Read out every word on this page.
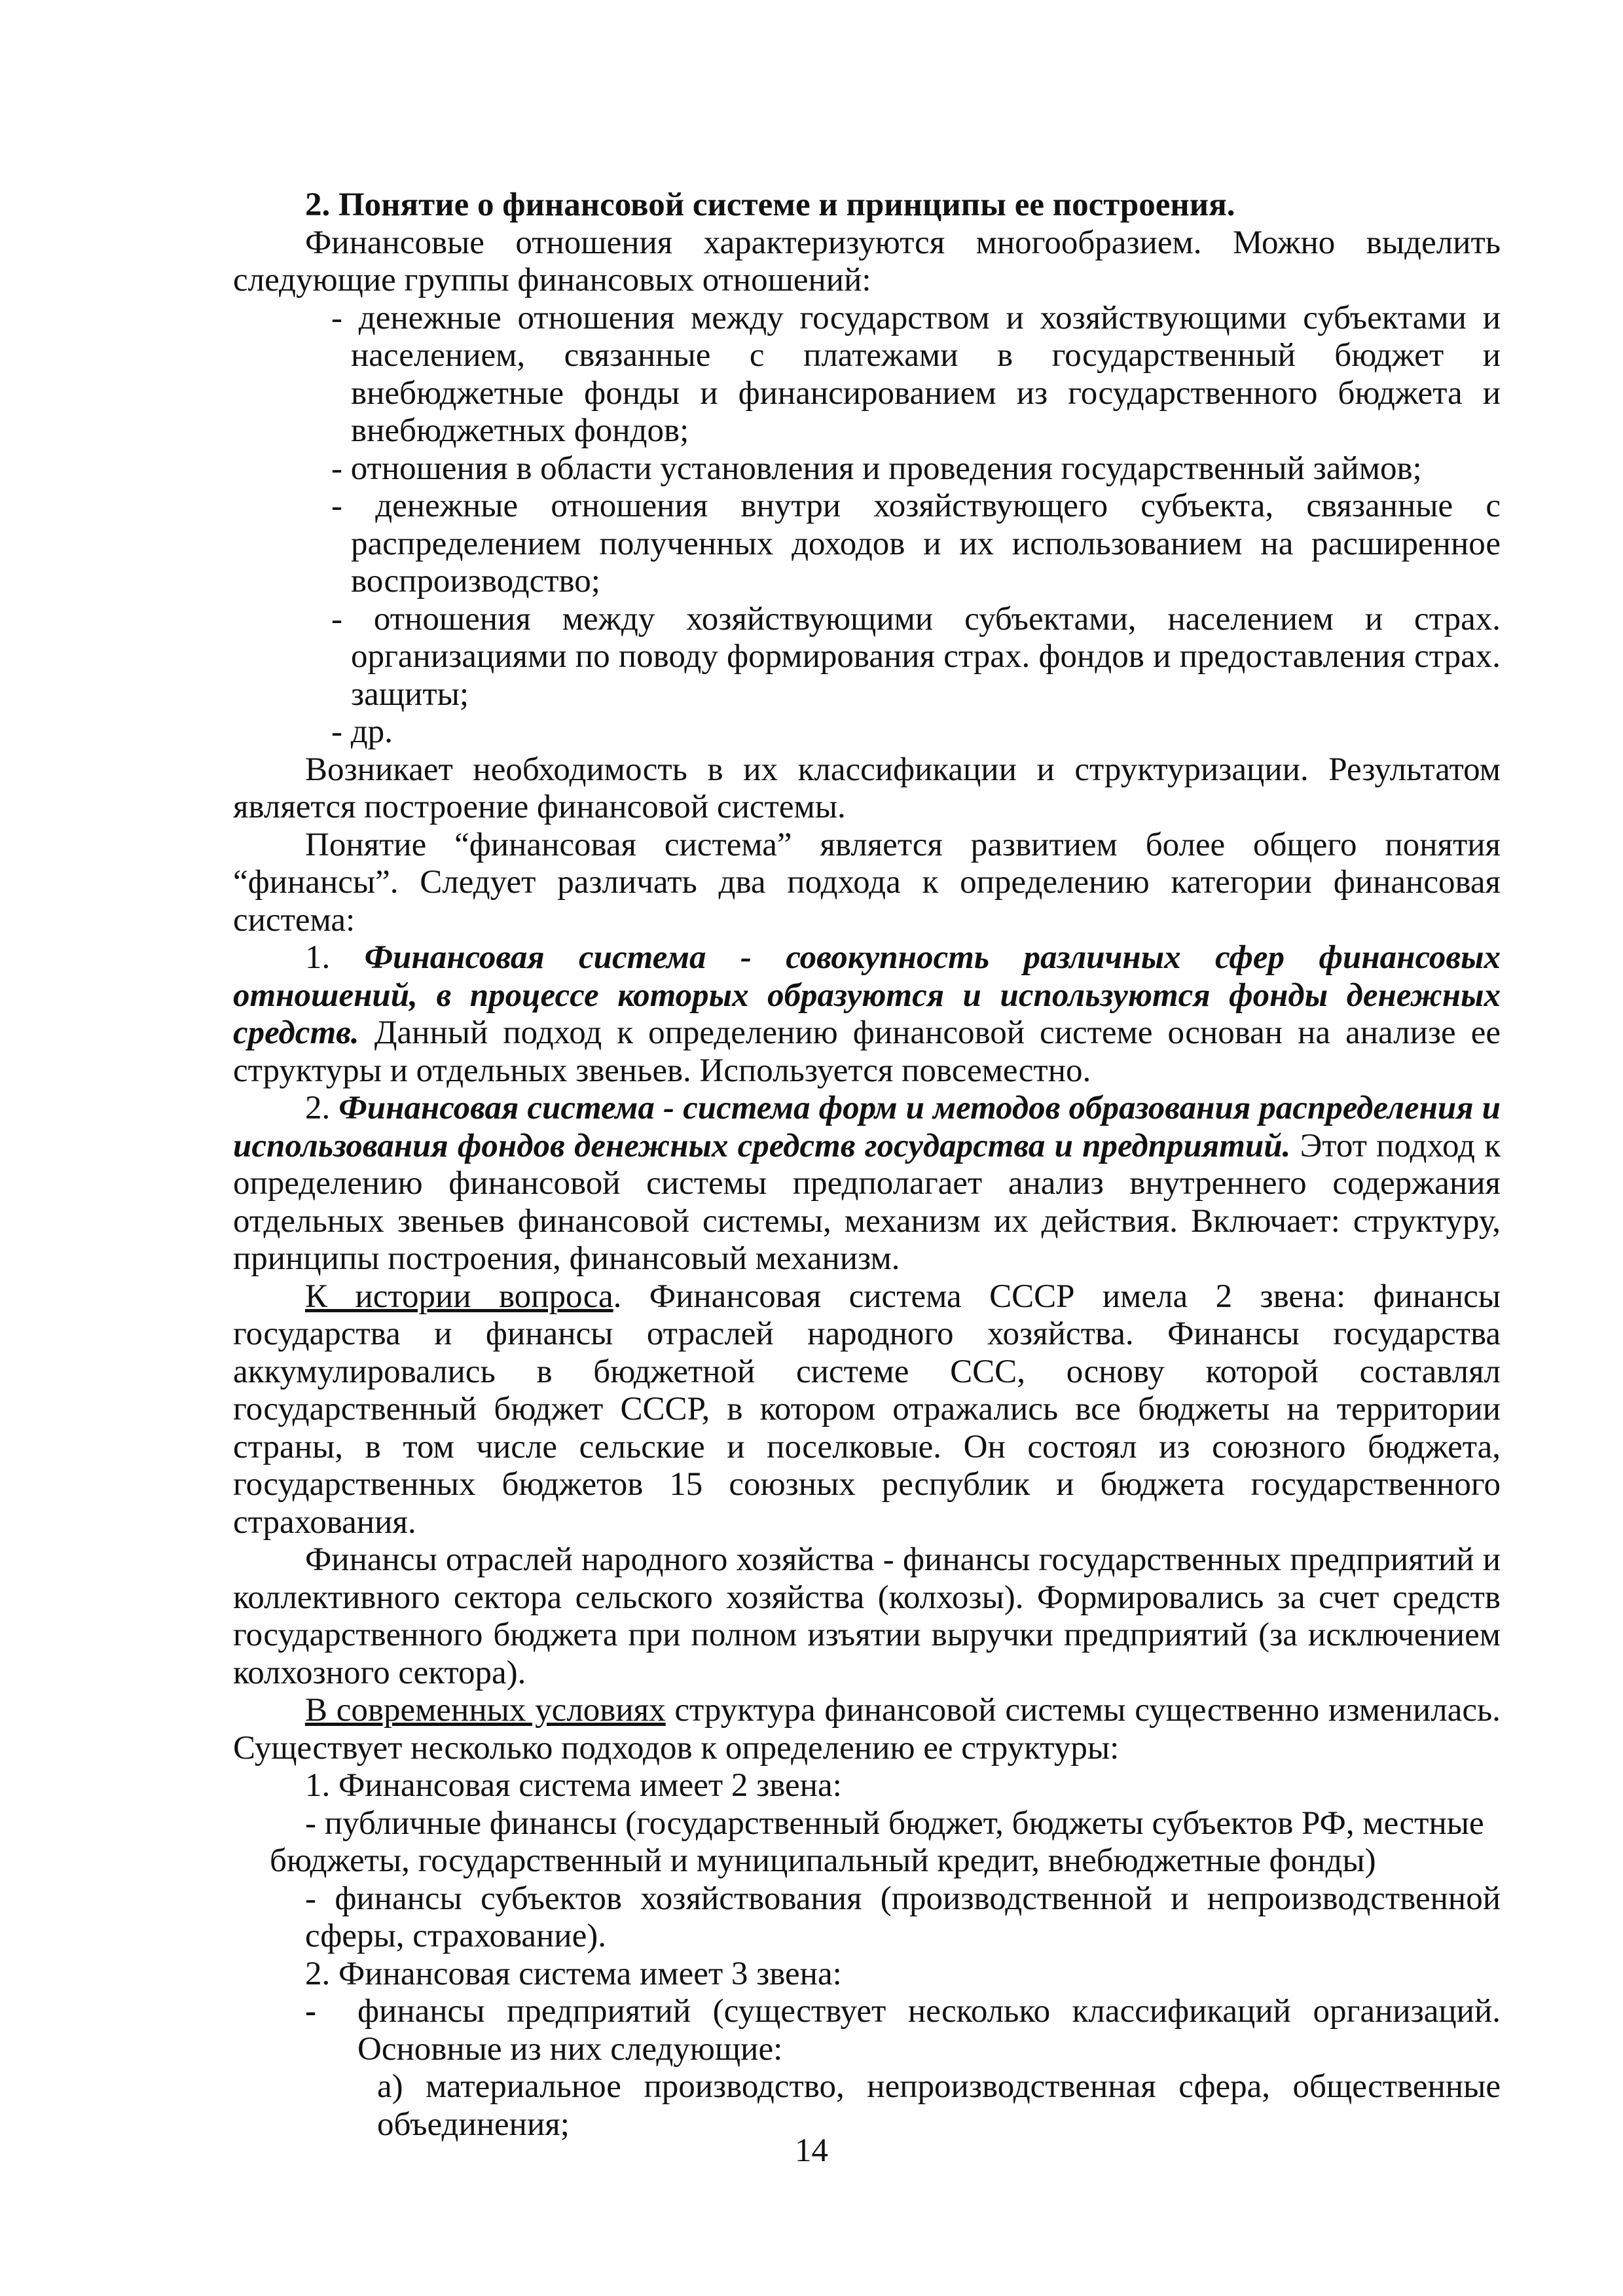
2. Понятие о финансовой системе и принципы ее построения.

Финансовые отношения характеризуются многообразием. Можно выделить следующие группы финансовых отношений:

- денежные отношения между государством и хозяйствующими субъектами и населением, связанные с платежами в государственный бюджет и внебюджетные фонды и финансированием из государственного бюджета и внебюджетных фондов;

- отношения в области установления и проведения государственный займов;

- денежные отношения внутри хозяйствующего субъекта, связанные с распределением полученных доходов и их использованием на расширенное воспроизводство;

- отношения между хозяйствующими субъектами, населением и страх. организациями по поводу формирования страх. фондов и предоставления страх. защиты;

- др.

Возникает необходимость в их классификации и структуризации. Результатом является построение финансовой системы.

Понятие “финансовая система” является развитием более общего понятия “финансы”. Следует различать два подхода к определению категории финансовая система:

1. Финансовая система - совокупность различных сфер финансовых отношений, в процессе которых образуются и используются фонды денежных средств. Данный подход к определению финансовой системе основан на анализе ее структуры и отдельных звеньев. Используется повсеместно.

2. Финансовая система - система форм и методов образования распределения и использования фондов денежных средств государства и предприятий. Этот подход к определению финансовой системы предполагает анализ внутреннего содержания отдельных звеньев финансовой системы, механизм их действия. Включает: структуру, принципы построения, финансовый механизм.

К истории вопроса. Финансовая система СССР имела 2 звена: финансы государства и финансы отраслей народного хозяйства. Финансы государства аккумулировались в бюджетной системе ССС, основу которой составлял государственный бюджет СССР, в котором отражались все бюджеты на территории страны, в том числе сельские и поселковые. Он состоял из союзного бюджета, государственных бюджетов 15 союзных республик и бюджета государственного страхования.

Финансы отраслей народного хозяйства - финансы государственных предприятий и коллективного сектора сельского хозяйства (колхозы). Формировались за счет средств государственного бюджета при полном изъятии выручки предприятий (за исключением колхозного сектора).

В современных условиях структура финансовой системы существенно изменилась. Существует несколько подходов к определению ее структуры:

1. Финансовая система имеет 2 звена:

- публичные финансы (государственный бюджет, бюджеты субъектов РФ, местные

бюджеты, государственный и муниципальный кредит, внебюджетные фонды)

- финансы субъектов хозяйствования (производственной и непроизводственной сферы, страхование).

2. Финансовая система имеет 3 звена:

- финансы предприятий (существует несколько классификаций организаций. Основные из них следующие:

а) материальное производство, непроизводственная сфера, общественные объединения;

14
